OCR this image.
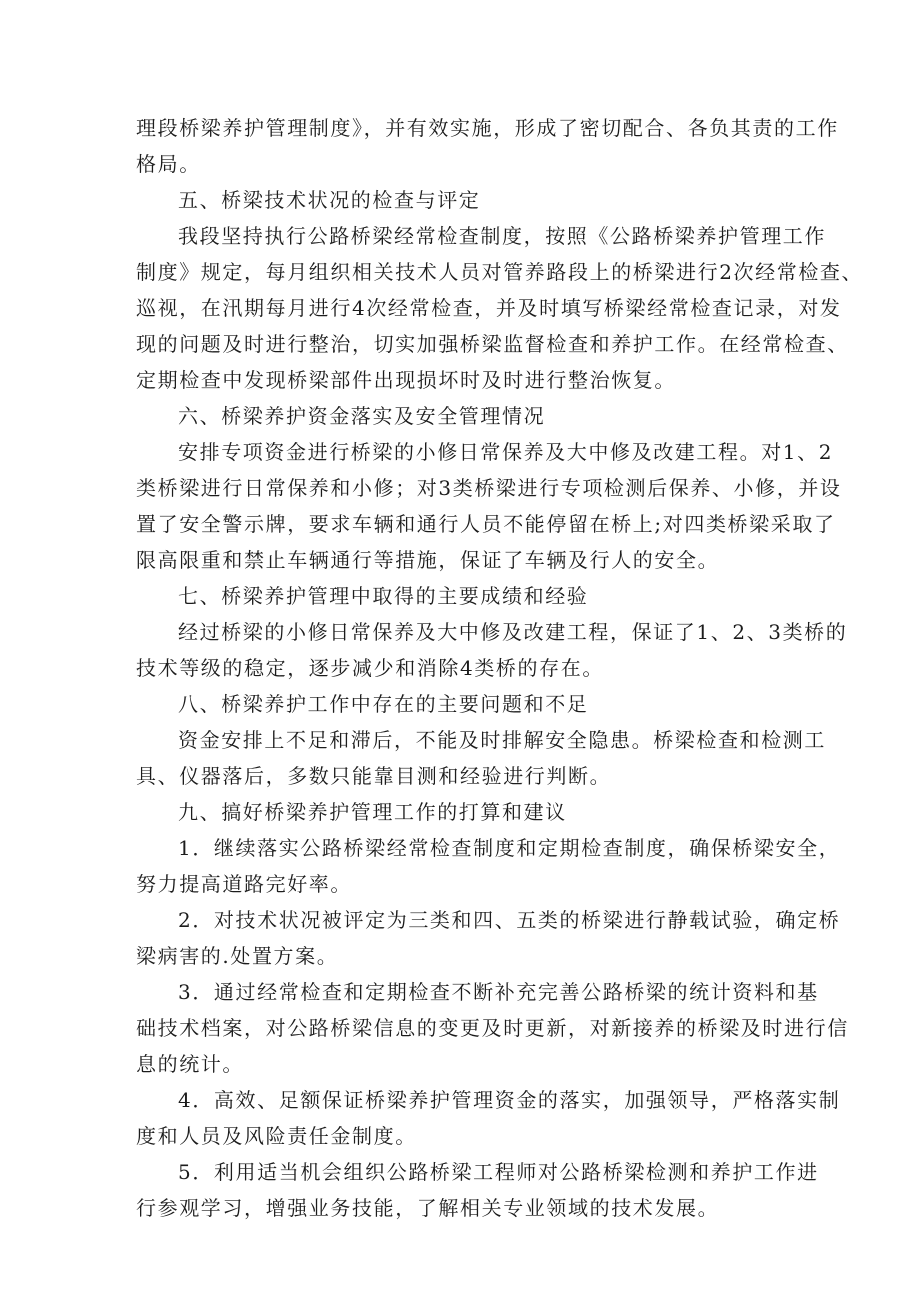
理段桥梁养护管理制度》，并有效实施，形成了密切配合、各负其责的工作
格局。
五、桥梁技术状况的检查与评定
我段坚持执行公路桥梁经常检查制度，按照《公路桥梁养护管理工作
制度》规定，每月组织相关技术人员对管养路段上的桥梁进行2次经常检查、
巡视，在汛期每月进行4次经常检查，并及时填写桥梁经常检查记录，对发
现的问题及时进行整治，切实加强桥梁监督检查和养护工作。在经常检查、
定期检查中发现桥梁部件出现损坏时及时进行整治恢复。
六、桥梁养护资金落实及安全管理情况
安排专项资金进行桥梁的小修日常保养及大中修及改建工程。对1、2
类桥梁进行日常保养和小修；对3类桥梁进行专项检测后保养、小修，并设
置了安全警示牌，要求车辆和通行人员不能停留在桥上;对四类桥梁采取了
限高限重和禁止车辆通行等措施，保证了车辆及行人的安全。
七、桥梁养护管理中取得的主要成绩和经验
经过桥梁的小修日常保养及大中修及改建工程，保证了1、2、3类桥的
技术等级的稳定，逐步减少和消除4类桥的存在。
八、桥梁养护工作中存在的主要问题和不足
资金安排上不足和滞后，不能及时排解安全隐患。桥梁检查和检测工
具、仪器落后，多数只能靠目测和经验进行判断。
九、搞好桥梁养护管理工作的打算和建议
1．继续落实公路桥梁经常检查制度和定期检查制度，确保桥梁安全，
努力提高道路完好率。
2．对技术状况被评定为三类和四、五类的桥梁进行静载试验，确定桥
梁病害的.处置方案。
3．通过经常检查和定期检查不断补充完善公路桥梁的统计资料和基
础技术档案，对公路桥梁信息的变更及时更新，对新接养的桥梁及时进行信
息的统计。
4．高效、足额保证桥梁养护管理资金的落实，加强领导，严格落实制
度和人员及风险责任金制度。
5．利用适当机会组织公路桥梁工程师对公路桥梁检测和养护工作进
行参观学习，增强业务技能，了解相关专业领域的技术发展。
